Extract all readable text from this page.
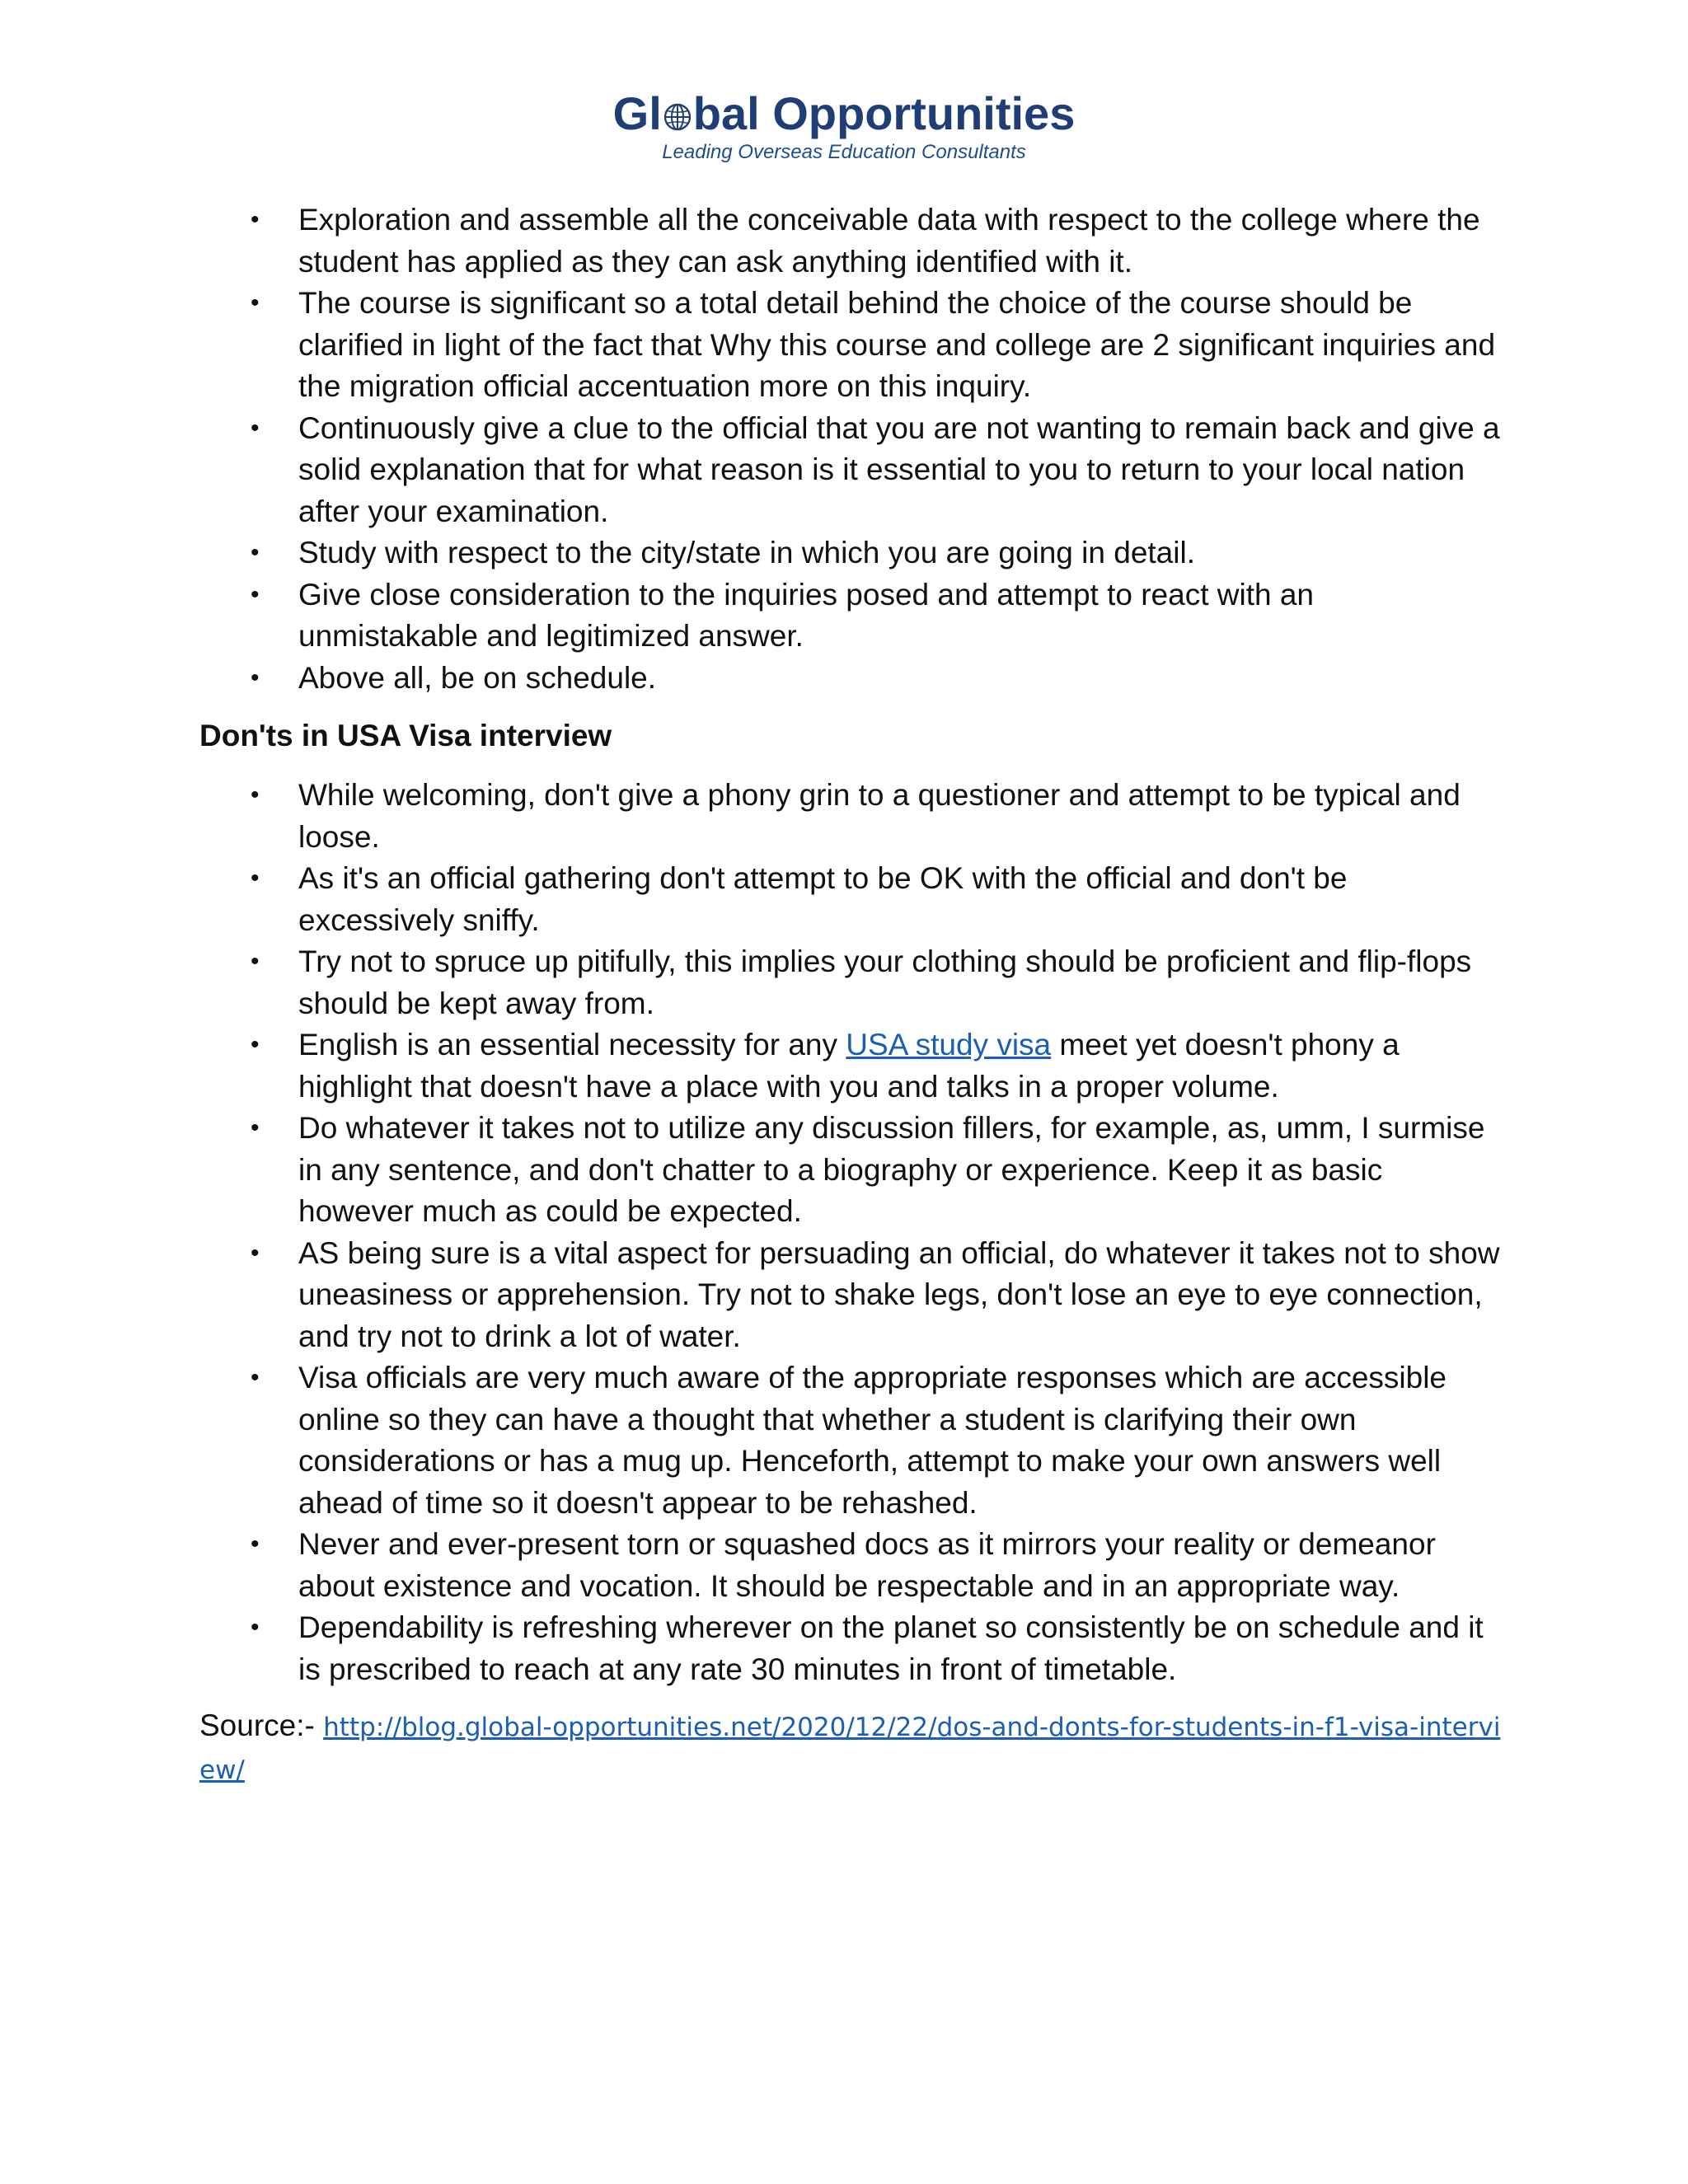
Gl bal Opportunities
Leading Overseas Education Consultants
• Exploration and assemble all the conceivable data with respect to the college where the student has applied as they can ask anything identified with it.
• The course is significant so a total detail behind the choice of the course should be clarified in light of the fact that Why this course and college are 2 significant inquiries and the migration official accentuation more on this inquiry.
• Continuously give a clue to the official that you are not wanting to remain back and give a solid explanation that for what reason is it essential to you to return to your local nation after your examination.
• Study with respect to the city/state in which you are going in detail.
• Give close consideration to the inquiries posed and attempt to react with an unmistakable and legitimized answer.
• Above all, be on schedule.
Don'ts in USA Visa interview
• While welcoming, don't give a phony grin to a questioner and attempt to be typical and loose.
• As it's an official gathering don't attempt to be OK with the official and don't be excessively sniffy.
• Try not to spruce up pitifully, this implies your clothing should be proficient and flip-flops should be kept away from.
• English is an essential necessity for any USA study visa meet yet doesn't phony a highlight that doesn't have a place with you and talks in a proper volume.
• Do whatever it takes not to utilize any discussion fillers, for example, as, umm, I surmise in any sentence, and don't chatter to a biography or experience. Keep it as basic however much as could be expected.
• AS being sure is a vital aspect for persuading an official, do whatever it takes not to show uneasiness or apprehension. Try not to shake legs, don't lose an eye to eye connection, and try not to drink a lot of water.
• Visa officials are very much aware of the appropriate responses which are accessible online so they can have a thought that whether a student is clarifying their own considerations or has a mug up. Henceforth, attempt to make your own answers well ahead of time so it doesn't appear to be rehashed.
• Never and ever-present torn or squashed docs as it mirrors your reality or demeanor about existence and vocation. It should be respectable and in an appropriate way.
• Dependability is refreshing wherever on the planet so consistently be on schedule and it is prescribed to reach at any rate 30 minutes in front of timetable.
Source:- http://blog.global-opportunities.net/2020/12/22/dos-and-donts-for-students-in-f1-visa-interview/
